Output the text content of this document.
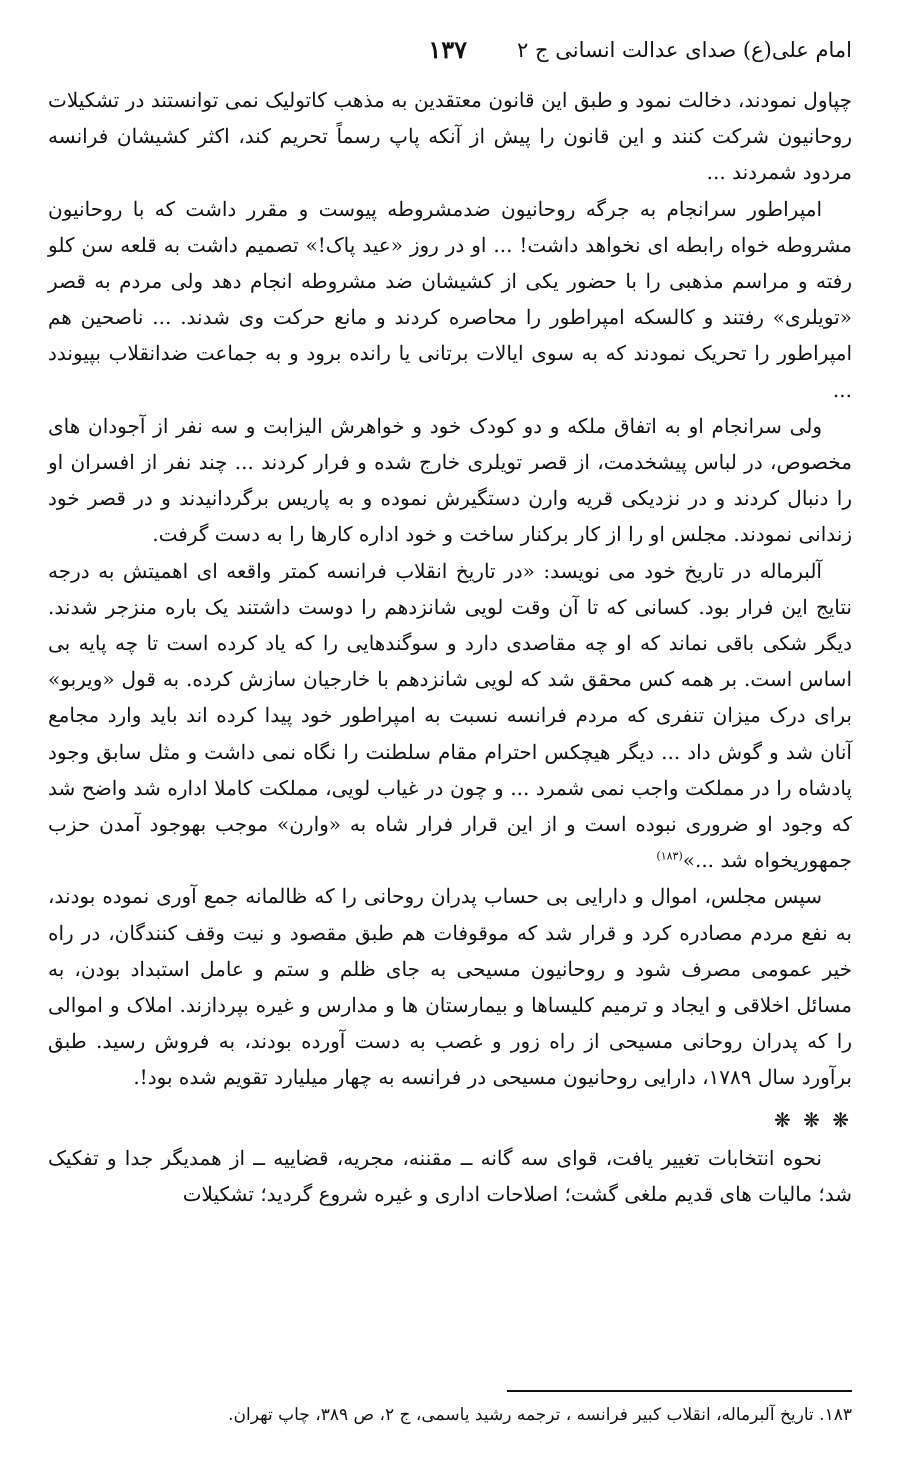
امام علی(ع) صدای عدالت انسانی ج ۲
۱۳۷

چپاول نمودند، دخالت نمود و طبق این قانون معتقدین به مذهب کاتولیک نمی توانستند در تشکیلات روحانیون شرکت کنند و این قانون را پیش از آنکه پاپ رسماً تحریم کند، اکثر کشیشان فرانسه مردود شمردند ...

امپراطور سرانجام به جرگه روحانیون ضدمشروطه پیوست و مقرر داشت که با روحانیون مشروطه خواه رابطه ای نخواهد داشت! ... او در روز «عید پاک!» تصمیم داشت به قلعه سن کلو رفته و مراسم مذهبی را با حضور یکی از کشیشان ضد مشروطه انجام دهد ولی مردم به قصر «تویلری» رفتند و کالسکه امپراطور را محاصره کردند و مانع حرکت وی شدند. ... ناصحین هم امپراطور را تحریک نمودند که به سوی ایالات برتانی یا رانده برود و به جماعت ضدانقلاب بپیوندد ...

ولی سرانجام او به اتفاق ملکه و دو کودک خود و خواهرش الیزابت و سه نفر از آجودان های مخصوص، در لباس پیشخدمت، از قصر تویلری خارج شده و فرار کردند ... چند نفر از افسران او را دنبال کردند و در نزدیکی قریه وارن دستگیرش نموده و به پاریس برگردانیدند و در قصر خود زندانی نمودند. مجلس او را از کار برکنار ساخت و خود اداره کارها را به دست گرفت.

آلبرماله در تاریخ خود می نویسد: «در تاریخ انقلاب فرانسه کمتر واقعه ای اهمیتش به درجه نتایج این فرار بود. کسانی که تا آن وقت لویی شانزدهم را دوست داشتند یک باره منزجر شدند. دیگر شکی باقی نماند که او چه مقاصدی دارد و سوگندهایی را که یاد کرده است تا چه پایه بی اساس است. بر همه کس محقق شد که لویی شانزدهم با خارجیان سازش کرده. به قول «ویربو» برای درک میزان تنفری که مردم فرانسه نسبت به امپراطور خود پیدا کرده اند باید وارد مجامع آنان شد و گوش داد ... دیگر هیچکس احترام مقام سلطنت را نگاه نمی داشت و مثل سابق وجود پادشاه را در مملکت واجب نمی شمرد ... و چون در غیاب لویی، مملکت کاملا اداره شد واضح شد که وجود او ضروری نبوده است و از این قرار فرار شاه به «وارن» موجب بهوجود آمدن حزب جمهوریخواه شد ...»$^{(۱۸۳)}$

سپس مجلس، اموال و دارایی بی حساب پدران روحانی را که ظالمانه جمع آوری نموده بودند، به نفع مردم مصادره کرد و قرار شد که موقوفات هم طبق مقصود و نیت وقف کنندگان، در راه خیر عمومی مصرف شود و روحانیون مسیحی به جای ظلم و ستم و عامل استبداد بودن، به مسائل اخلاقی و ایجاد و ترمیم کلیساها و بیمارستان ها و مدارس و غیره بپردازند. املاک و اموالی را که پدران روحانی مسیحی از راه زور و غصب به دست آورده بودند، به فروش رسید. طبق برآورد سال ۱۷۸۹، دارایی روحانیون مسیحی در فرانسه به چهار میلیارد تقویم شده بود!.

❋ ❋ ❋

نحوه انتخابات تغییر یافت، قوای سه گانه ــ مقننه، مجریه، قضاییه ــ از همدیگر جدا و تفکیک شد؛ مالیات های قدیم ملغی گشت؛ اصلاحات اداری و غیره شروع گردید؛ تشکیلات

۱۸۳. تاریخ آلبرماله، انقلاب کبیر فرانسه ، ترجمه رشید یاسمی، ج ۲، ص ۳۸۹، چاپ تهران.
